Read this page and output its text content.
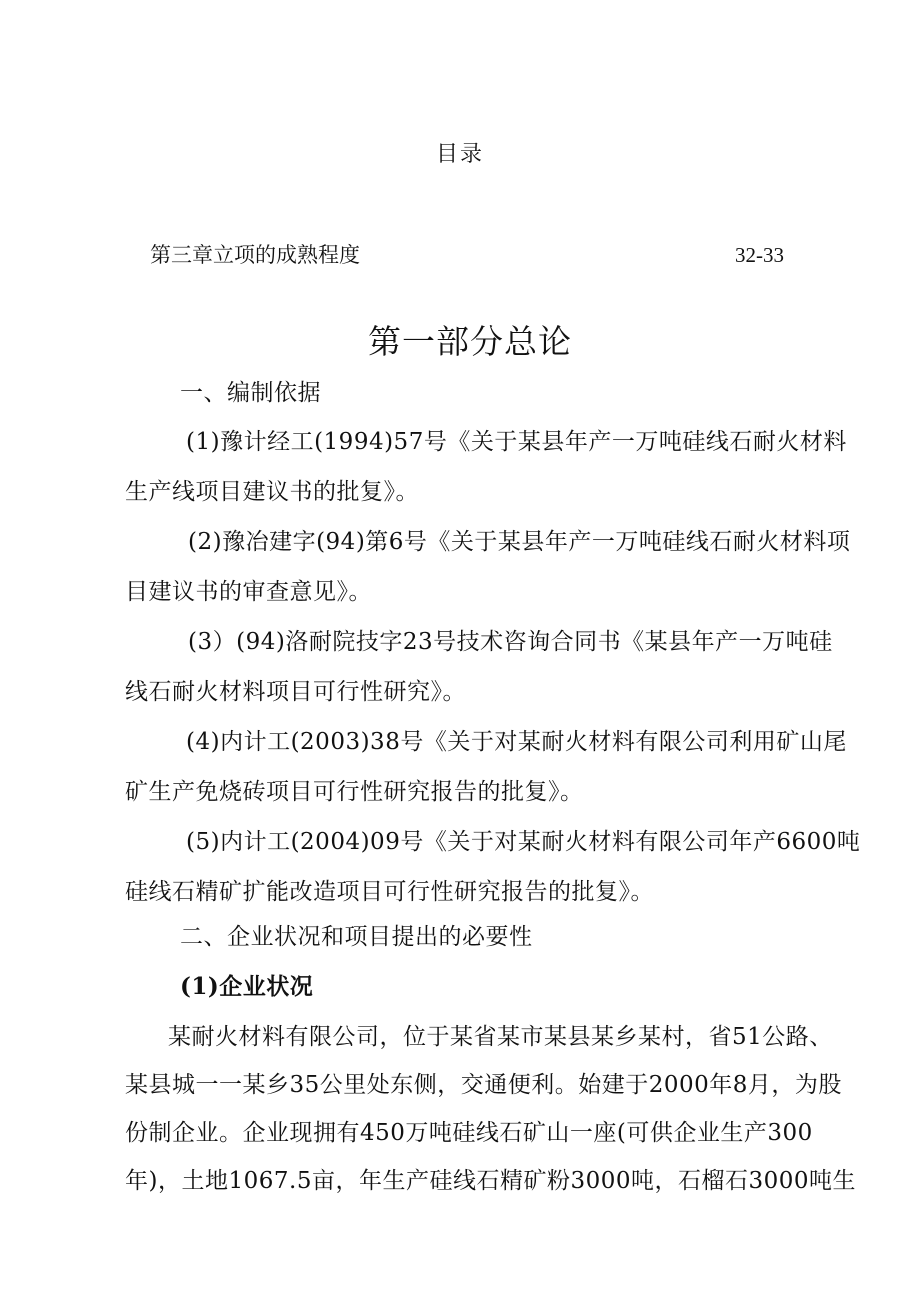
目录
第三章立项的成熟程度	32-33
第一部分总论
一、编制依据
(1)豫计经工(1994)57号《关于某县年产一万吨硅线石耐火材料
生产线项目建议书的批复》。
(2)豫冶建字(94)第6号《关于某县年产一万吨硅线石耐火材料项
目建议书的审查意见》。
(3）(94)洛耐院技字23号技术咨询合同书《某县年产一万吨硅
线石耐火材料项目可行性研究》。
(4)内计工(2003)38号《关于对某耐火材料有限公司利用矿山尾
矿生产免烧砖项目可行性研究报告的批复》。
(5)内计工(2004)09号《关于对某耐火材料有限公司年产6600吨
硅线石精矿扩能改造项目可行性研究报告的批复》。
二、企业状况和项目提出的必要性
(1)企业状况
某耐火材料有限公司，位于某省某市某县某乡某村，省51公路、
某县城一一某乡35公里处东侧，交通便利。始建于2000年8月，为股
份制企业。企业现拥有450万吨硅线石矿山一座(可供企业生产300
年)，土地1067.5亩，年生产硅线石精矿粉3000吨，石榴石3000吨生
